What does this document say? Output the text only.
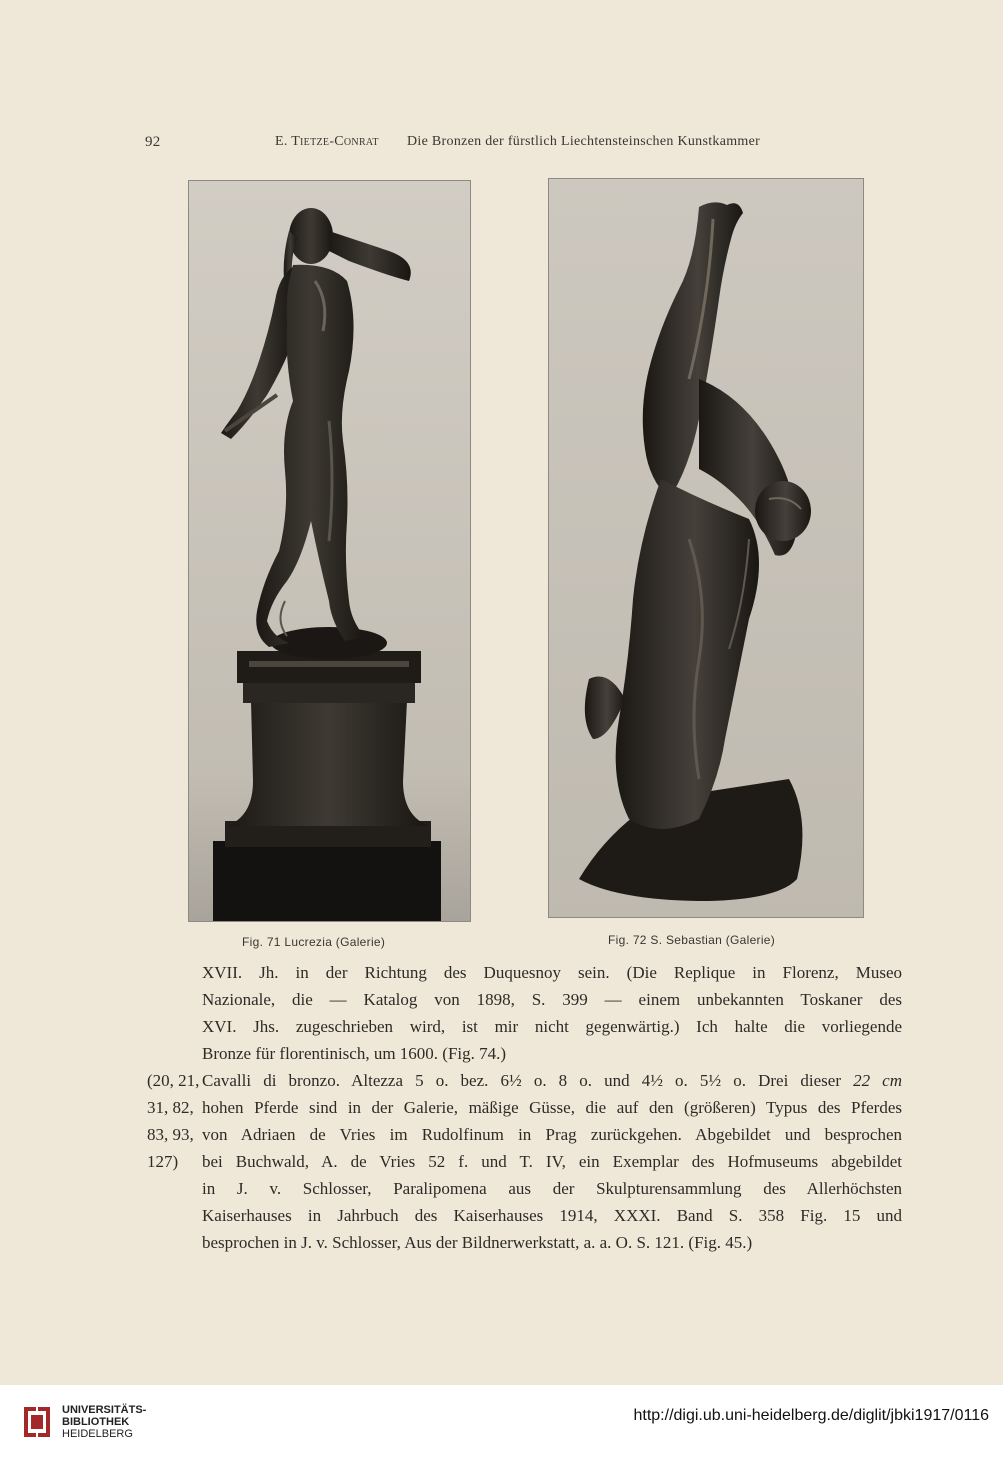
92	E. Tietze-Conrat Die Bronzen der fürstlich Liechtensteinschen Kunstkammer
Fig. 71 Lucrezia (Galerie)	Fig. 72 S. Sebastian (Galerie)
XVII. Jh. in der Richtung des Duquesnoy sein. (Die Replique in Florenz, Museo
Nazionale, die — Katalog von 1898, S. 399 — einem unbekannten Toskaner des
XVI. Jhs. zugeschrieben wird, ist mir nicht gegenwärtig.) Ich halte die vorliegende
Bronze für florentinisch, um 1600. (Fig. 74.)
(20, 21, Cavalli di bronzo. Altezza 5 o. bez. 6½ o. 8 o. und 4½ o. 5½ o. Drei dieser 22 cm
31, 82, hohen Pferde sind in der Galerie, mäßige Güsse, die auf den (größeren) Typus des Pferdes
83, 93, von Adriaen de Vries im Rudolfinum in Prag zurückgehen. Abgebildet und besprochen
127)	bei Buchwald, A. de Vries 52 f. und T. IV, ein Exemplar des Hofmuseums abgebildet
in J. v. Schlosser, Paralipomena aus der Skulpturensammlung des Allerhöchsten
Kaiserhauses in Jahrbuch des Kaiserhauses 1914, XXXI. Band S. 358 Fig. 15 und
besprochen in J. v. Schlosser, Aus der Bildnerwerkstatt, a. a. O. S. 121. (Fig. 45.)
UNIVERSITÄTS-
BIBLIOTHEK
HEIDELBERG
http://digi.ub.uni-heidelberg.de/diglit/jbki1917/0116
